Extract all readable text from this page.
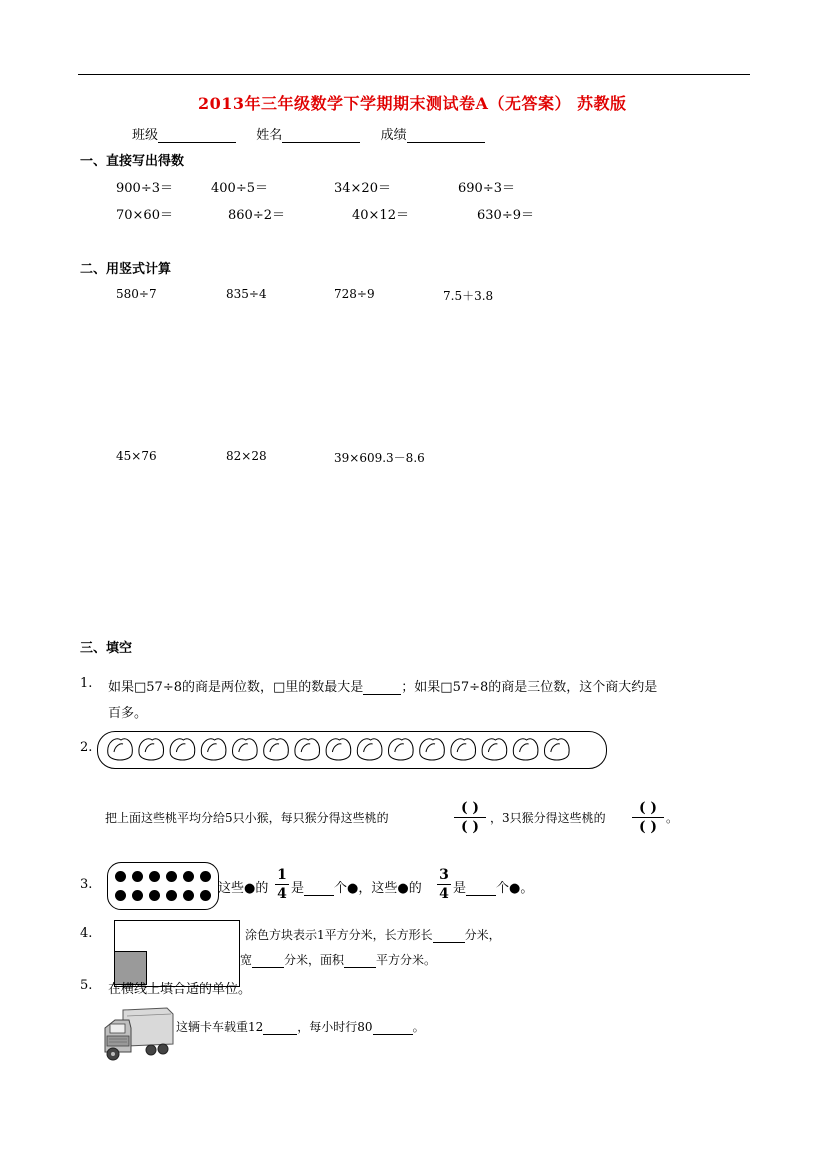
2013年三年级数学下学期期末测试卷A（无答案） 苏教版
班级	姓名	成绩
一、直接写出得数
900÷3＝	400÷5＝	34×20＝	690÷3＝
70×60＝	860÷2＝	40×12＝	630÷9＝
二、用竖式计算
580÷7	835÷4	728÷9	7.5＋3.8
45×76	82×28	39×609.3－8.6
三、填空
1. 如果□57÷8的商是两位数，□里的数最大是	；如果□57÷8的商是三位数，这个商大约是
百多。
2.
把上面这些桃平均分给5只小猴，每只猴分得这些桃的
( )
( )
，3只猴分得这些桃的
( )
( )
。
3.	这些●的
1
4 是 个●，这些●的
3
4 是 个●。
4.	涂色方块表示1平方分米，长方形长	分米，
宽	分米，面积	平方分米。
5. 在横线上填合适的单位。
这辆卡车载重12	，每小时行80	。
